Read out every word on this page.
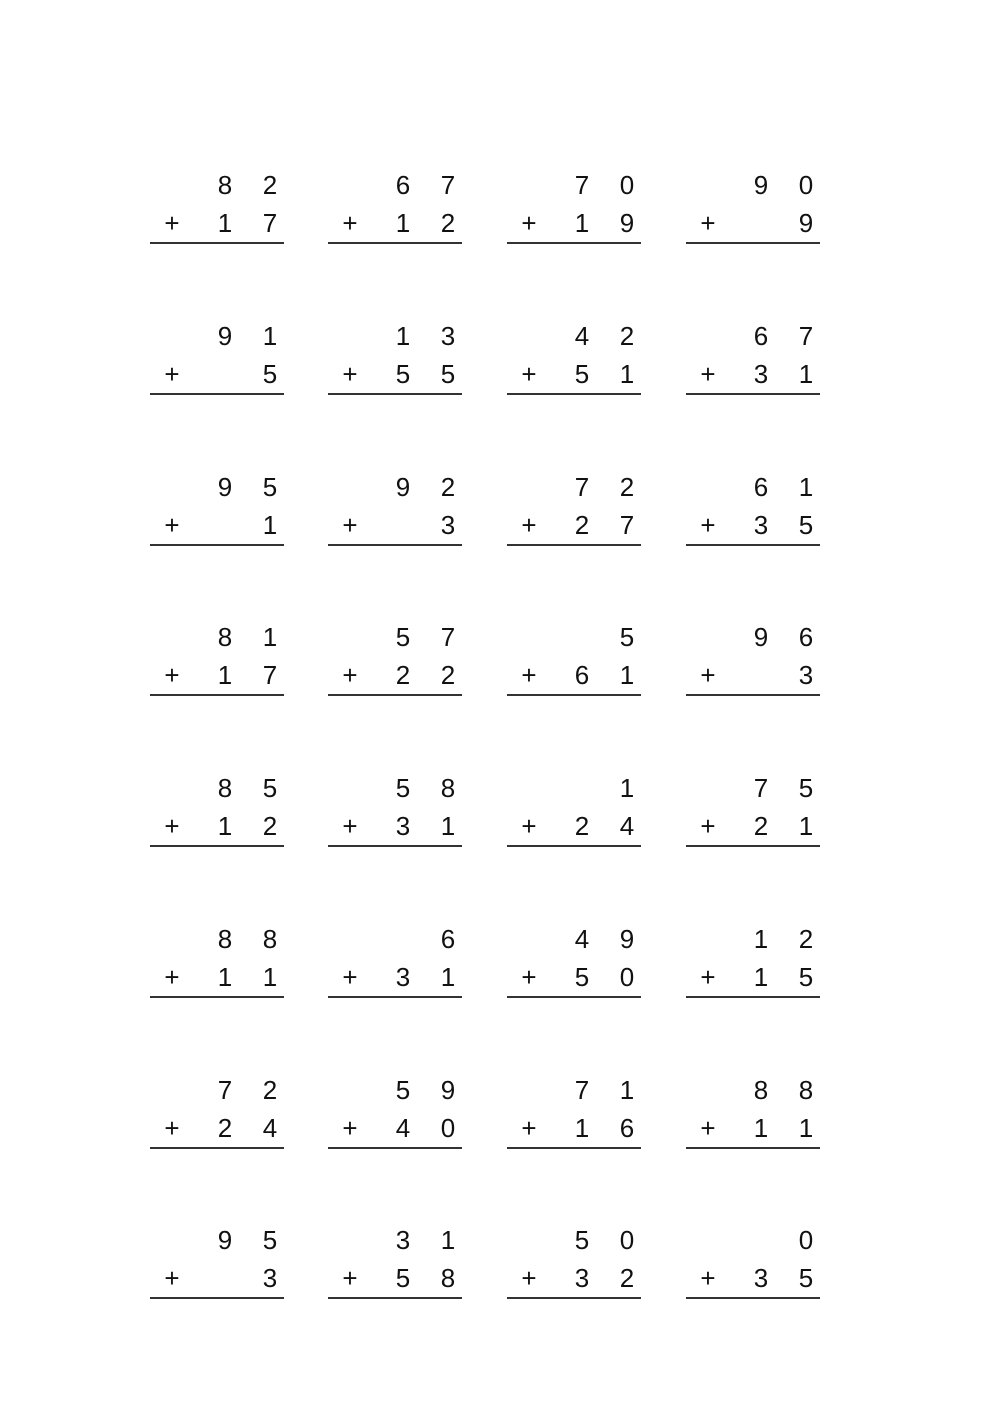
8 2
+ 1 7
6 7
+ 1 2
7 0
+ 1 9
9 0
+	9
9 1
+	5
1 3
+ 5 5
4 2
+ 5 1
6 7
+ 3 1
9 5
+	1
9 2
+	3
7 2
+ 2 7
6 1
+ 3 5
8 1
+ 1 7
5 7
+ 2 2
5
+ 6 1
9 6
+	3
8 5
+ 1 2
5 8
+ 3 1
1
+ 2 4
7 5
+ 2 1
8 8
+ 1 1
6
+ 3 1
4 9
+ 5 0
1 2
+ 1 5
7 2
+ 2 4
5 9
+ 4 0
7 1
+ 1 6
8 8
+ 1 1
9 5
+	3
3 1
+ 5 8
5 0
+ 3 2
0
+ 3 5
